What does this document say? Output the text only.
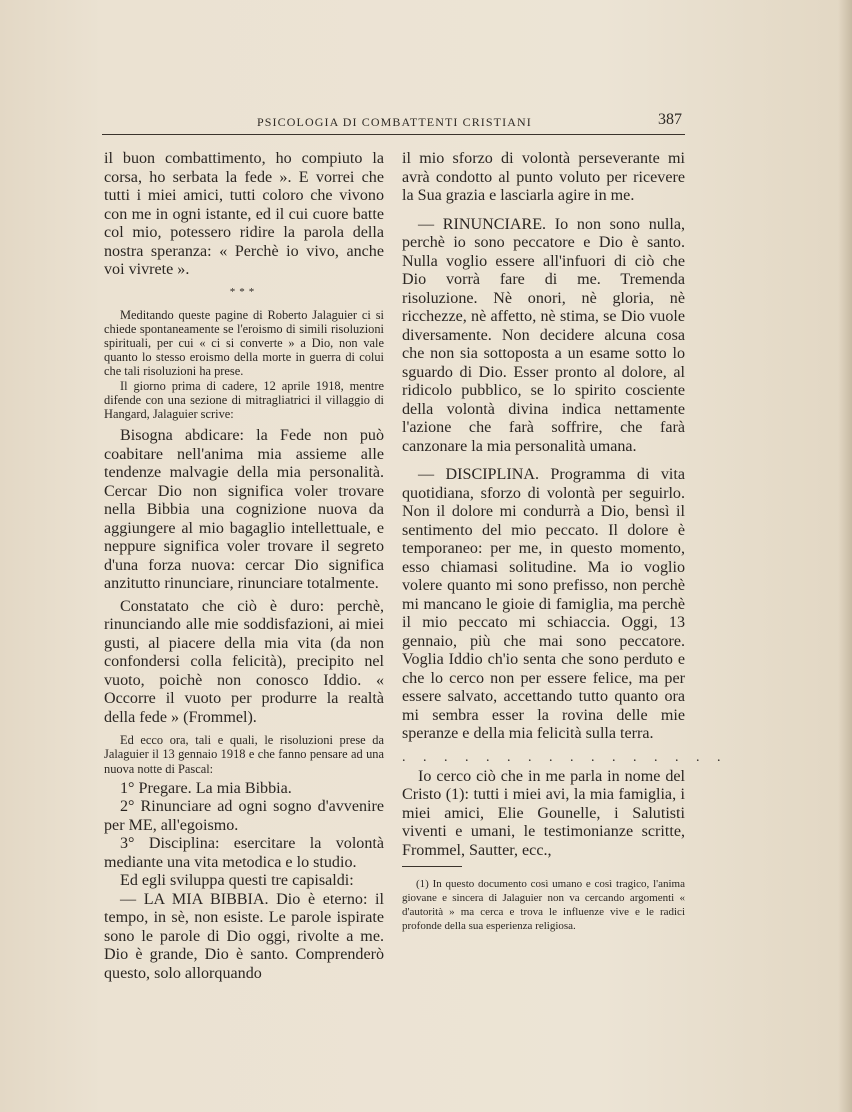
PSICOLOGIA DI COMBATTENTI CRISTIANI	387

il buon combattimento, ho compiuto la corsa, ho serbata la fede ». E vorrei che tutti i miei amici, tutti coloro che vivono con me in ogni istante, ed il cui cuore batte col mio, potessero ridire la parola della nostra speranza: « Perchè io vivo, anche voi vivrete ».

***

Meditando queste pagine di Roberto Jalaguier ci si chiede spontaneamente se l'eroismo di simili risoluzioni spirituali, per cui « ci si converte » a Dio, non vale quanto lo stesso eroismo della morte in guerra di colui che tali risoluzioni ha prese.

Il giorno prima di cadere, 12 aprile 1918, mentre difende con una sezione di mitragliatrici il villaggio di Hangard, Jalaguier scrive:

Bisogna abdicare: la Fede non può coabitare nell'anima mia assieme alle tendenze malvagie della mia personalità. Cercar Dio non significa voler trovare nella Bibbia una cognizione nuova da aggiungere al mio bagaglio intellettuale, e neppure significa voler trovare il segreto d'una forza nuova: cercar Dio significa anzitutto rinunciare, rinunciare totalmente.

Constatato che ciò è duro: perchè, rinunciando alle mie soddisfazioni, ai miei gusti, al piacere della mia vita (da non confondersi colla felicità), precipito nel vuoto, poichè non conosco Iddio. « Occorre il vuoto per produrre la realtà della fede » (Frommel).

Ed ecco ora, tali e quali, le risoluzioni prese da Jalaguier il 13 gennaio 1918 e che fanno pensare ad una nuova notte di Pascal:

1° Pregare. La mia Bibbia.

2° Rinunciare ad ogni sogno d'avvenire per ME, all'egoismo.

3° Disciplina: esercitare la volontà mediante una vita metodica e lo studio.

Ed egli sviluppa questi tre capisaldi:

— LA MIA BIBBIA. Dio è eterno: il tempo, in sè, non esiste. Le parole ispirate sono le parole di Dio oggi, rivolte a me. Dio è grande, Dio è santo. Comprenderò questo, solo allorquando

il mio sforzo di volontà perseverante mi avrà condotto al punto voluto per ricevere la Sua grazia e lasciarla agire in me.

— RINUNCIARE. Io non sono nulla, perchè io sono peccatore e Dio è santo. Nulla voglio essere all'infuori di ciò che Dio vorrà fare di me. Tremenda risoluzione. Nè onori, nè gloria, nè ricchezze, nè affetto, nè stima, se Dio vuole diversamente. Non decidere alcuna cosa che non sia sottoposta a un esame sotto lo sguardo di Dio. Esser pronto al dolore, al ridicolo pubblico, se lo spirito cosciente della volontà divina indica nettamente l'azione che farà soffrire, che farà canzonare la mia personalità umana.

— DISCIPLINA. Programma di vita quotidiana, sforzo di volontà per seguirlo. Non il dolore mi condurrà a Dio, bensì il sentimento del mio peccato. Il dolore è temporaneo: per me, in questo momento, esso chiamasi solitudine. Ma io voglio volere quanto mi sono prefisso, non perchè mi mancano le gioie di famiglia, ma perchè il mio peccato mi schiaccia. Oggi, 13 gennaio, più che mai sono peccatore. Voglia Iddio ch'io senta che sono perduto e che lo cerco non per essere felice, ma per essere salvato, accettando tutto quanto ora mi sembra esser la rovina delle mie speranze e della mia felicità sulla terra.

. . . . . . . . . . . . . . . .

Io cerco ciò che in me parla in nome del Cristo (1): tutti i miei avi, la mia famiglia, i miei amici, Elie Gounelle, i Salutisti viventi e umani, le testimonianze scritte, Frommel, Sautter, ecc.,

(1) In questo documento così umano e così tragico, l'anima giovane e sincera di Jalaguier non va cercando argomenti « d'autorità » ma cerca e trova le influenze vive e le radici profonde della sua esperienza religiosa.
